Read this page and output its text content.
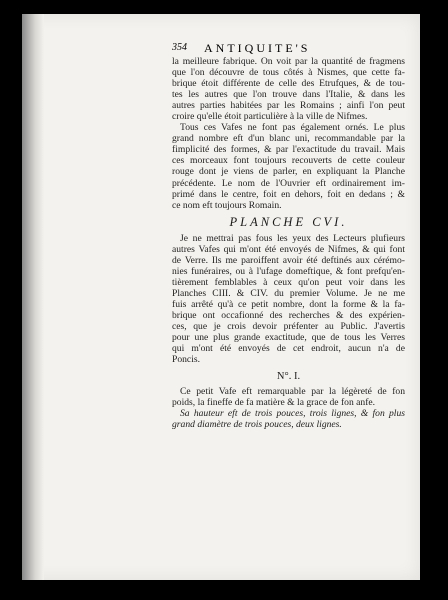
354 ANTIQUITE'S

la meilleure fabrique. On voit par la quantité de fragmens
que l'on découvre de tous côtés à Nismes, que cette fa-
brique étoit différente de celle des Etrufques, & de tou-
tes les autres que l'on trouve dans l'Italie, & dans les
autres parties habitées par les Romains ; ainfi l'on peut
croire qu'elle étoit particulière à la ville de Nifmes.

Tous ces Vafes ne font pas également ornés. Le plus
grand nombre eft d'un blanc uni, recommandable par la
fimplicité des formes, & par l'exactitude du travail. Mais
ces morceaux font toujours recouverts de cette couleur
rouge dont je viens de parler, en expliquant la Planche
précédente. Le nom de l'Ouvrier eft ordinairement im-
primé dans le centre, foit en dehors, foit en dedans ; &
ce nom eft toujours Romain.

PLANCHE CVI.

Je ne mettrai pas fous les yeux des Lecteurs plufieurs
autres Vafes qui m'ont été envoyés de Nifmes, & qui font
de Verre. Ils me paroiffent avoir été deftinés aux cérémo-
nies funéraires, ou à l'ufage domeftique, & font prefqu'en-
tièrement femblables à ceux qu'on peut voir dans les
Planches CIII. & CIV. du premier Volume. Je ne me
fuis arrêté qu'à ce petit nombre, dont la forme & la fa-
brique ont occafionné des recherches & des expérien-
ces, que je crois devoir préfenter au Public. J'avertis
pour une plus grande exactitude, que de tous les Verres
qui m'ont été envoyés de cet endroit, aucun n'a de
Poncis.

N°. I.

Ce petit Vafe eft remarquable par la légèreté de fon
poids, la fineffe de fa matière & la grace de fon anfe.

Sa hauteur eft de trois pouces, trois lignes, & fon plus
grand diamètre de trois pouces, deux lignes.
